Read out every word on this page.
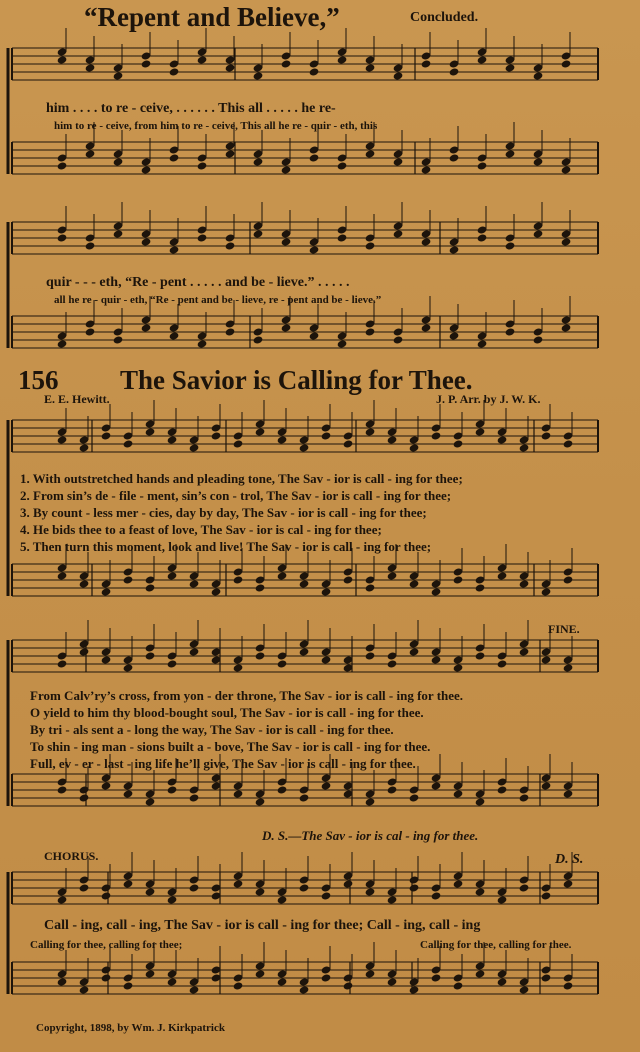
“Repent and Believe,”	Concluded.
him . . . . to re - ceive, . . . . . . This all . . . . . he re-
him to re - ceive, from him to re - ceive, This all he re - quir - eth, this
quir - - - eth, “Re - pent . . . . . and be - lieve.” . . . . .
all he re - quir - eth, “Re - pent and be - lieve, re - pent and be - lieve.”
156 The Savior is Calling for Thee.
E. E. Hewitt.	J. P. Arr. by J. W. K.
1. With outstretched hands and pleading tone, The Sav - ior is call - ing for thee;
2. From sin’s de - file - ment, sin’s con - trol, The Sav - ior is call - ing for thee;
3. By count - less mer - cies, day by day, The Sav - ior is call - ing for thee;
4. He bids thee to a feast of love, The Sav - ior is cal - ing for thee;
5. Then turn this moment, look and live! The Sav - ior is call - ing for thee;
FINE.
From Calv’ry’s cross, from yon - der throne, The Sav - ior is call - ing for thee.
O yield to him thy blood-bought soul, The Sav - ior is call - ing for thee.
By tri - als sent a - long the way, The Sav - ior is call - ing for thee.
To shin - ing man - sions built a - bove, The Sav - ior is call - ing for thee.
Full, ev - er - last - ing life he’ll give, The Sav - ior is call - ing for thee.
D. S.—The Sav - ior is cal - ing for thee.
CHORUS.	D. S.
Call - ing, call - ing, The Sav - ior is call - ing for thee; Call - ing, call - ing
Calling for thee, calling for thee;	Calling for thee, calling for thee.
Copyright, 1898, by Wm. J. Kirkpatrick
